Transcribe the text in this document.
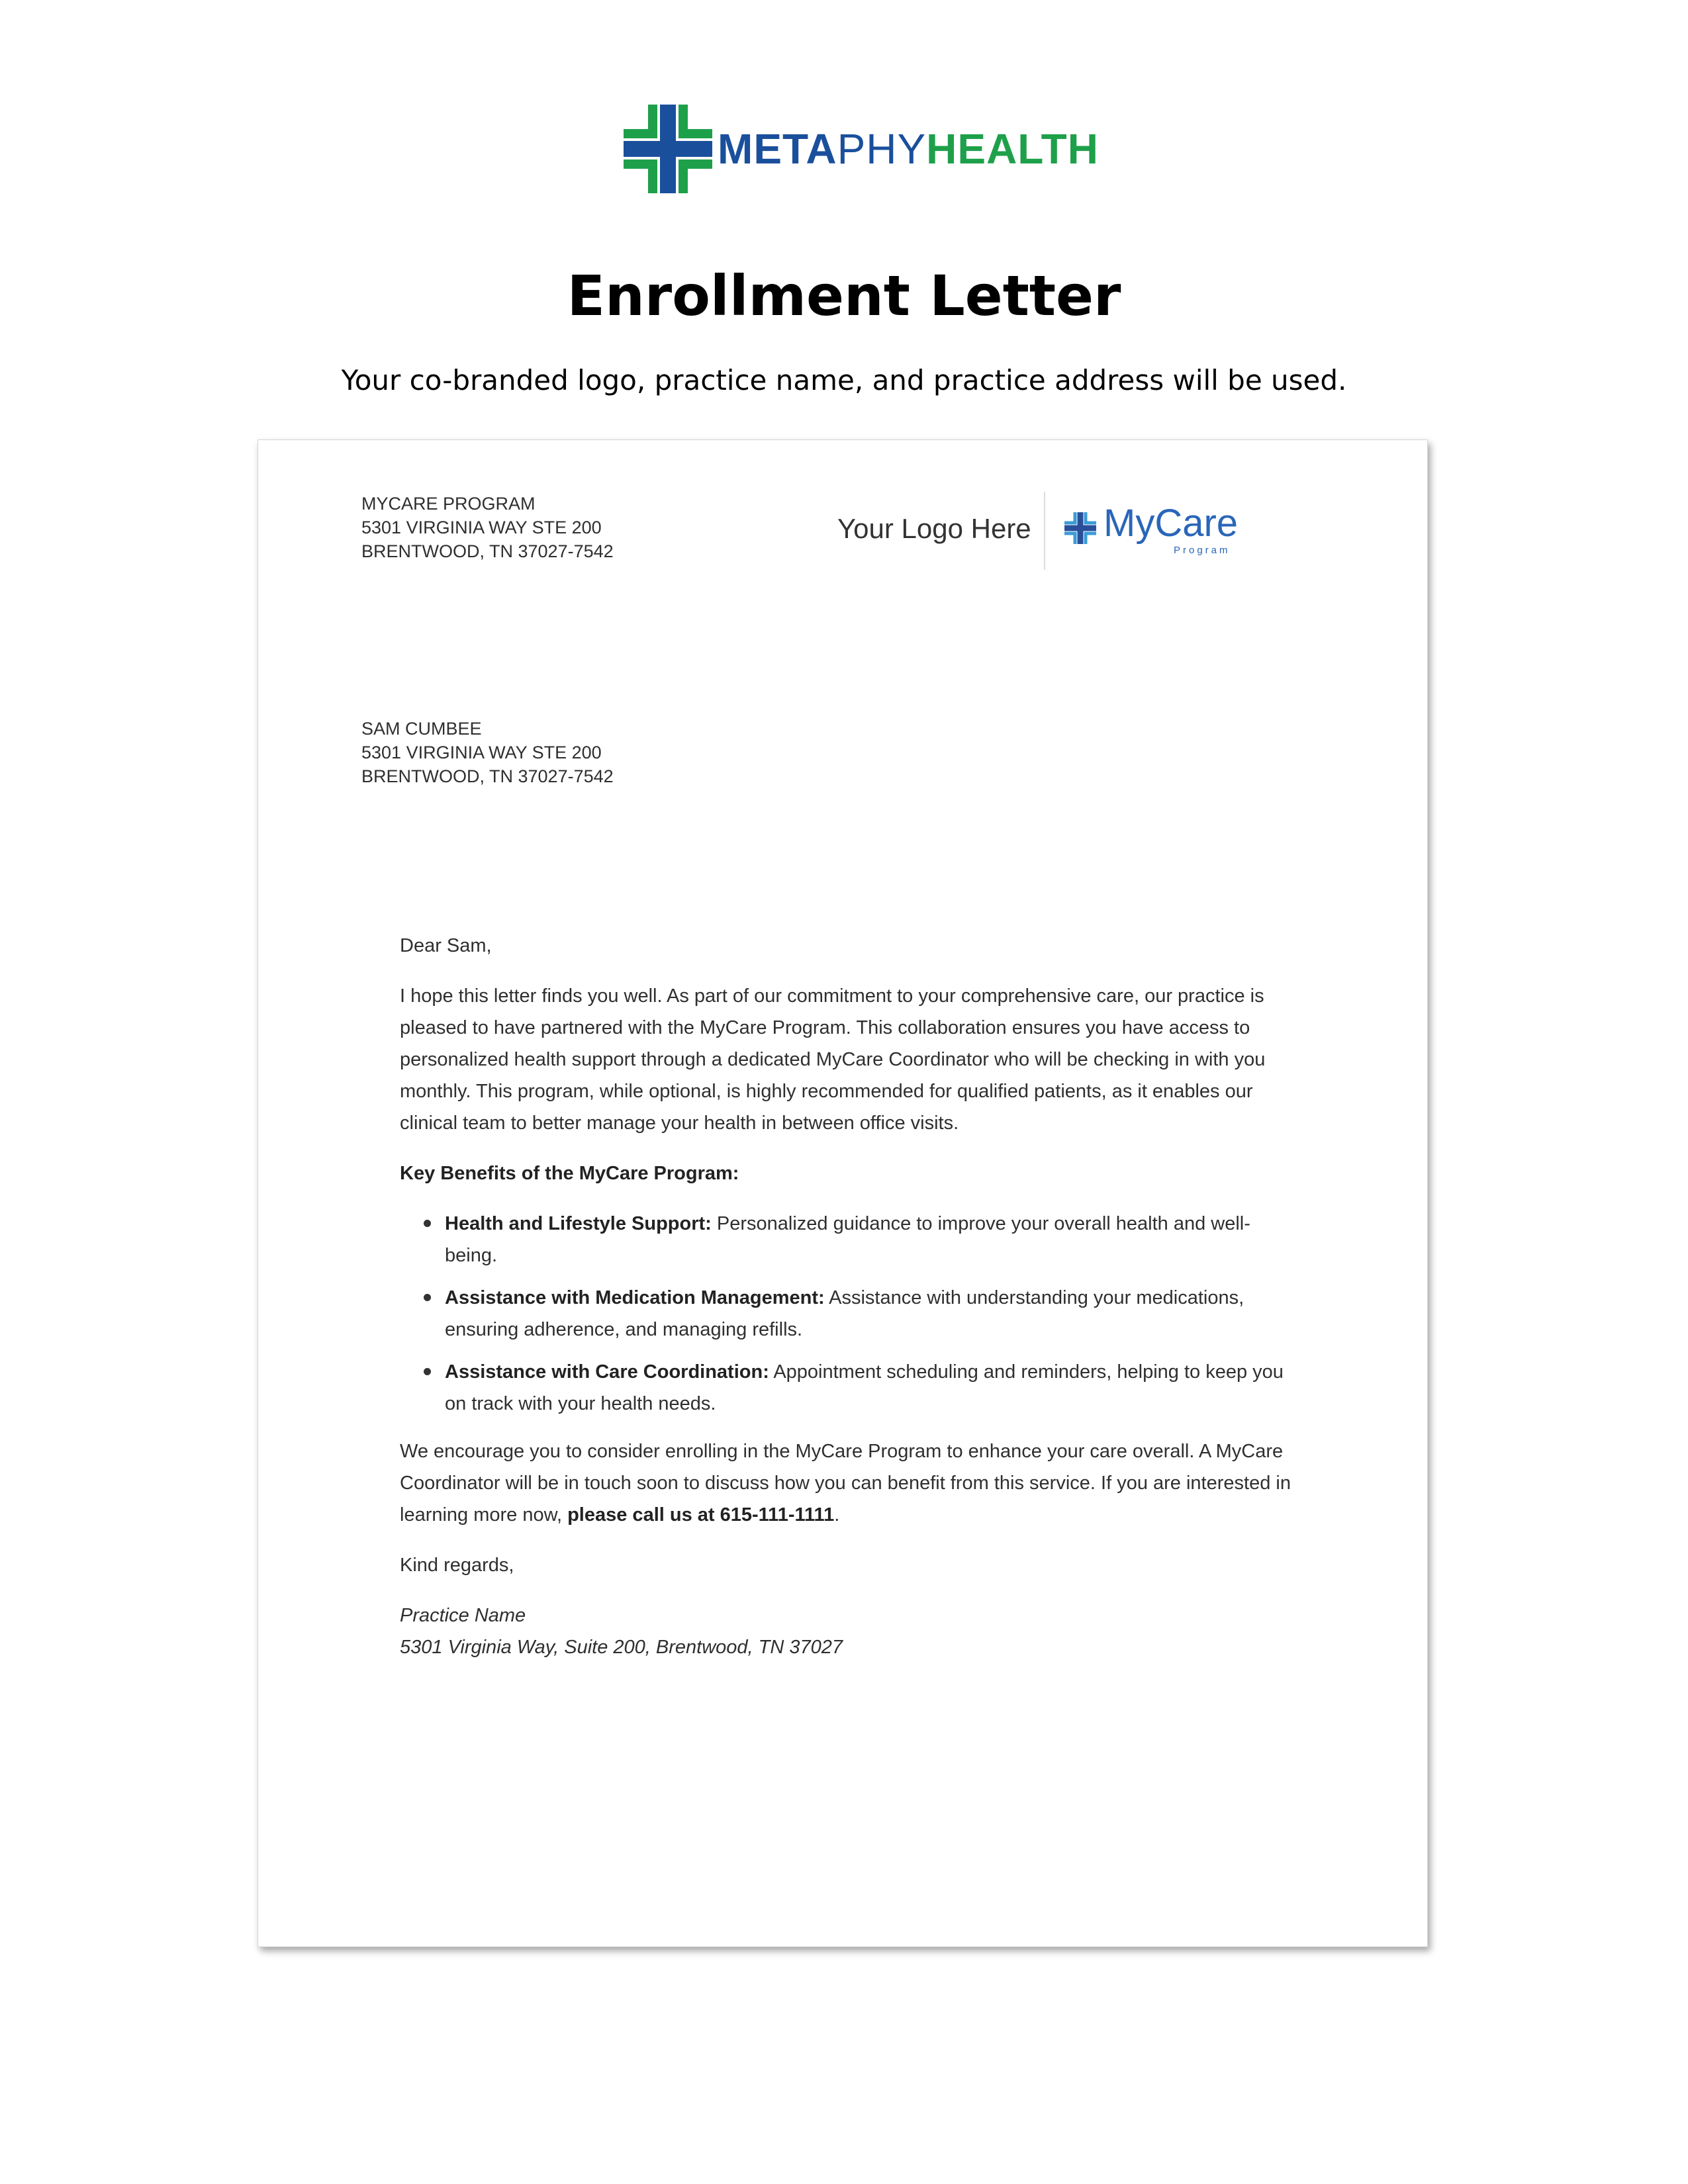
METAPHYHEALTH
Enrollment Letter
Your co-branded logo, practice name, and practice address will be used.
MYCARE PROGRAM
5301 VIRGINIA WAY STE 200
BRENTWOOD, TN 37027-7542
Your Logo Here MyCare
Program
SAM CUMBEE
5301 VIRGINIA WAY STE 200
BRENTWOOD, TN 37027-7542

Dear Sam,

I hope this letter finds you well. As part of our commitment to your comprehensive care, our practice is pleased to have partnered with the MyCare Program. This collaboration ensures you have access to personalized health support through a dedicated MyCare Coordinator who will be checking in with you monthly. This program, while optional, is highly recommended for qualified patients, as it enables our clinical team to better manage your health in between office visits.

Key Benefits of the MyCare Program:

Health and Lifestyle Support: Personalized guidance to improve your overall health and well-being.
Assistance with Medication Management: Assistance with understanding your medications, ensuring adherence, and managing refills.
Assistance with Care Coordination: Appointment scheduling and reminders, helping to keep you on track with your health needs.

We encourage you to consider enrolling in the MyCare Program to enhance your care overall. A MyCare Coordinator will be in touch soon to discuss how you can benefit from this service. If you are interested in learning more now, please call us at 615-111-1111.

Kind regards,

Practice Name

5301 Virginia Way, Suite 200, Brentwood, TN 37027
